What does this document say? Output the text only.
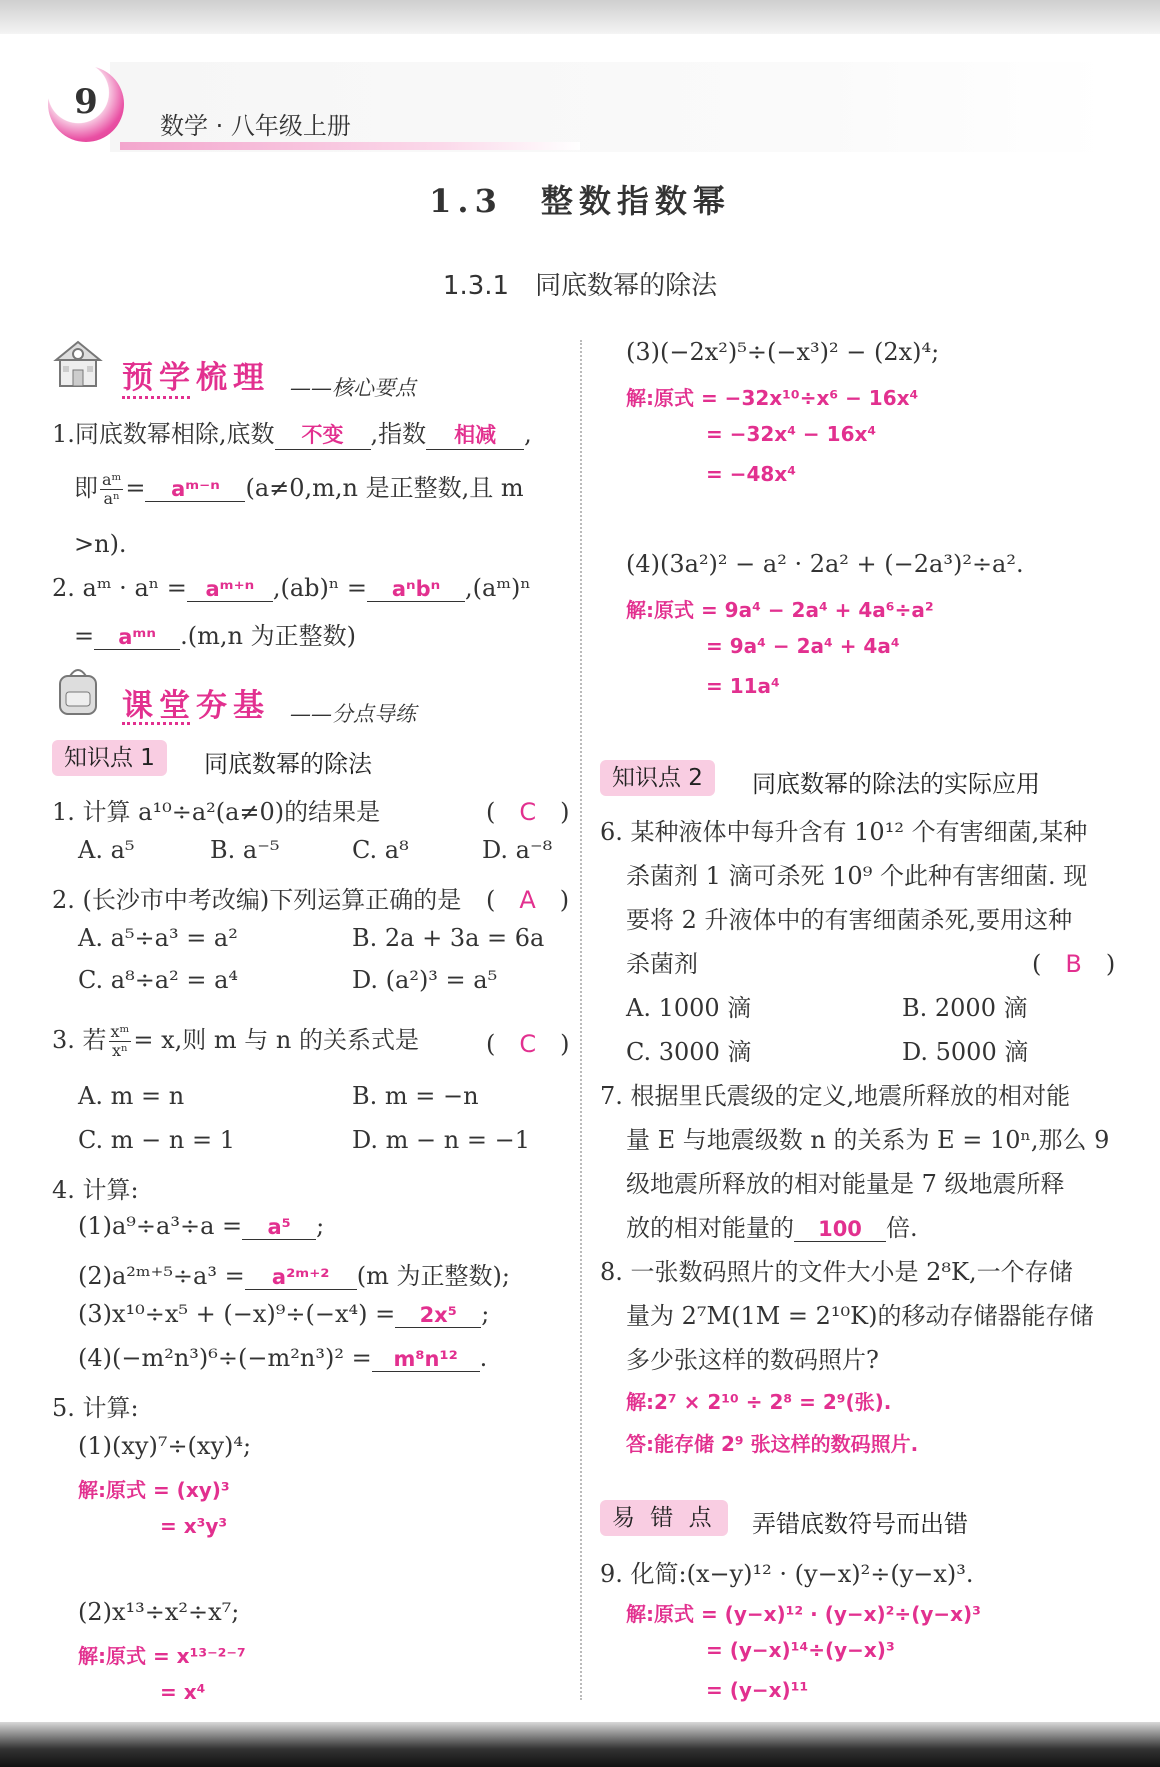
9
数学 · 八年级上册
1.3　整数指数幂
1.3.1　同底数幂的除法
预学梳理 ——核心要点
1.同底数幂相除,底数 不变 ,指数 相减 ,
即 $\frac{\text{aᵐ}}{\text{aⁿ}}$ = aᵐ⁻ⁿ (a≠0,m,n 是正整数,且 m
>n).
2. aᵐ · aⁿ = aᵐ⁺ⁿ ,(ab)ⁿ = aⁿbⁿ ,(aᵐ)ⁿ
= aᵐⁿ .(m,n 为正整数)
课堂夯基 ——分点导练
知识点 1	同底数幂的除法
1. 计算 a¹⁰÷a²(a≠0)的结果是	(　C　)
A. a⁵	B. a⁻⁵	C. a⁸	D. a⁻⁸
2. (长沙市中考改编)下列运算正确的是 (　A　)
A. a⁵÷a³ = a²	B. 2a + 3a = 6a
C. a⁸÷a² = a⁴	D. (a²)³ = a⁵
3. 若 $\frac{\text{xᵐ}}{\text{xⁿ}} = x$,则 m 与 n 的关系式是	(　C　)
A. m = n	B. m = −n
C. m − n = 1	D. m − n = −1
4. 计算:
(1)a⁹÷a³÷a = a⁵ ;
(2)a²ᵐ⁺⁵÷a³ = a²ᵐ⁺² (m 为正整数);
(3)x¹⁰÷x⁵ + (−x)⁹÷(−x⁴) = 2x⁵ ;
(4)(−m²n³)⁶÷(−m²n³)² = m⁸n¹² .
5. 计算:
(1)(xy)⁷÷(xy)⁴;
解:原式 = (xy)³
= x³y³
(2)x¹³÷x²÷x⁷;
解:原式 = x¹³⁻²⁻⁷
= x⁴
(3)(−2x²)⁵÷(−x³)² − (2x)⁴;
解:原式 = −32x¹⁰÷x⁶ − 16x⁴
= −32x⁴ − 16x⁴
= −48x⁴
(4)(3a²)² − a² · 2a² + (−2a³)²÷a².
解:原式 = 9a⁴ − 2a⁴ + 4a⁶÷a²
= 9a⁴ − 2a⁴ + 4a⁴
= 11a⁴
知识点 2	同底数幂的除法的实际应用
6. 某种液体中每升含有 10¹² 个有害细菌,某种
杀菌剂 1 滴可杀死 10⁹ 个此种有害细菌. 现
要将 2 升液体中的有害细菌杀死,要用这种
杀菌剂	(　B　)
A. 1000 滴	B. 2000 滴
C. 3000 滴	D. 5000 滴
7. 根据里氏震级的定义,地震所释放的相对能
量 E 与地震级数 n 的关系为 E = 10ⁿ,那么 9
级地震所释放的相对能量是 7 级地震所释
放的相对能量的 100 倍.
8. 一张数码照片的文件大小是 2⁸K,一个存储
量为 2⁷M(1M = 2¹⁰K)的移动存储器能存储
多少张这样的数码照片?
解:2⁷ × 2¹⁰ ÷ 2⁸ = 2⁹(张).
答:能存储 2⁹ 张这样的数码照片.
易 错 点	弄错底数符号而出错
9. 化简:(x−y)¹² · (y−x)²÷(y−x)³.
解:原式 = (y−x)¹² · (y−x)²÷(y−x)³
= (y−x)¹⁴÷(y−x)³
= (y−x)¹¹
